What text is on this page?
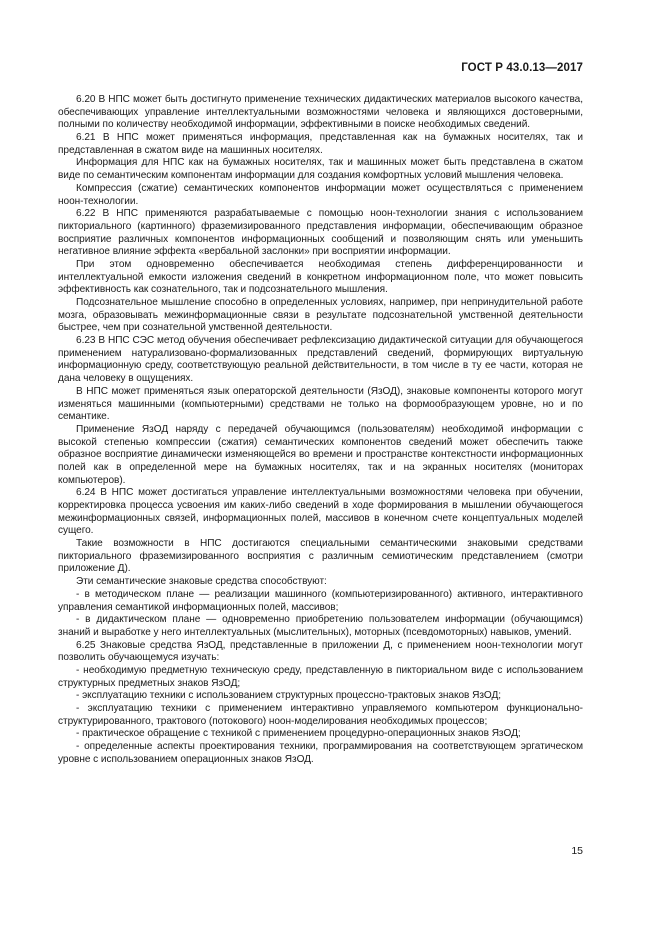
ГОСТ Р 43.0.13—2017

6.20 В НПС может быть достигнуто применение технических дидактических материалов высокого качества, обеспечивающих управление интеллектуальными возможностями человека и являющихся достоверными, полными по количеству необходимой информации, эффективными в поиске необходимых сведений.

6.21 В НПС может применяться информация, представленная как на бумажных носителях, так и представленная в сжатом виде на машинных носителях.

Информация для НПС как на бумажных носителях, так и машинных может быть представлена в сжатом виде по семантическим компонентам информации для создания комфортных условий мышления человека.

Компрессия (сжатие) семантических компонентов информации может осуществляться с применением ноон-технологии.

6.22 В НПС применяются разрабатываемые с помощью ноон-технологии знания с использованием пикториального (картинного) фраземизированного представления информации, обеспечивающим образное восприятие различных компонентов информационных сообщений и позволяющим снять или уменьшить негативное влияние эффекта «вербальной заслонки» при восприятии информации.

При этом одновременно обеспечивается необходимая степень дифференцированности и интеллектуальной емкости изложения сведений в конкретном информационном поле, что может повысить эффективность как сознательного, так и подсознательного мышления.

Подсознательное мышление способно в определенных условиях, например, при непринудительной работе мозга, образовывать межинформационные связи в результате подсознательной умственной деятельности быстрее, чем при сознательной умственной деятельности.

6.23 В НПС СЭС метод обучения обеспечивает рефлексизацию дидактической ситуации для обучающегося применением натурализовано-формализованных представлений сведений, формирующих виртуальную информационную среду, соответствующую реальной действительности, в том числе в ту ее части, которая не дана человеку в ощущениях.

В НПС может применяться язык операторской деятельности (ЯзОД), знаковые компоненты которого могут изменяться машинными (компьютерными) средствами не только на формообразующем уровне, но и по семантике.

Применение ЯзОД наряду с передачей обучающимся (пользователям) необходимой информации с высокой степенью компрессии (сжатия) семантических компонентов сведений может обеспечить также образное восприятие динамически изменяющейся во времени и пространстве контекстности информационных полей как в определенной мере на бумажных носителях, так и на экранных носителях (мониторах компьютеров).

6.24 В НПС может достигаться управление интеллектуальными возможностями человека при обучении, корректировка процесса усвоения им каких-либо сведений в ходе формирования в мышлении обучающегося межинформационных связей, информационных полей, массивов в конечном счете концептуальных моделей сущего.

Такие возможности в НПС достигаются специальными семантическими знаковыми средствами пикториального фраземизированного восприятия с различным семиотическим представлением (смотри приложение Д).

Эти семантические знаковые средства способствуют:

- в методическом плане — реализации машинного (компьютеризированного) активного, интерактивного управления семантикой информационных полей, массивов;

- в дидактическом плане — одновременно приобретению пользователем информации (обучающимся) знаний и выработке у него интеллектуальных (мыслительных), моторных (псевдомоторных) навыков, умений.

6.25 Знаковые средства ЯзОД, представленные в приложении Д, с применением ноон-технологии могут позволить обучающемуся изучать:

- необходимую предметную техническую среду, представленную в пикториальном виде с использованием структурных предметных знаков ЯзОД;

- эксплуатацию техники с использованием структурных процессно-трактовых знаков ЯзОД;

- эксплуатацию техники с применением интерактивно управляемого компьютером функционально-структурированного, трактового (потокового) ноон-моделирования необходимых процессов;

- практическое обращение с техникой с применением процедурно-операционных знаков ЯзОД;

- определенные аспекты проектирования техники, программирования на соответствующем эргатическом уровне с использованием операционных знаков ЯзОД.

15
